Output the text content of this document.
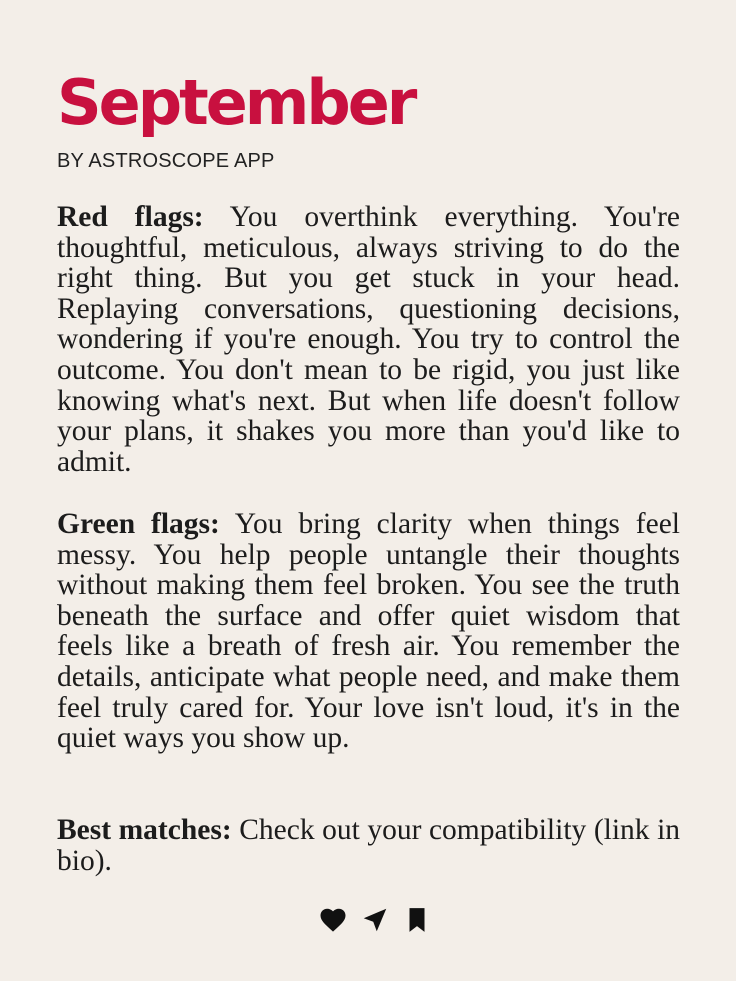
September
BY ASTROSCOPE APP

Red flags: You overthink everything. You're thoughtful, meticulous, always striving to do the right thing. But you get stuck in your head. Replaying conversations, questioning decisions, wondering if you're enough. You try to control the outcome. You don't mean to be rigid, you just like knowing what's next. But when life doesn't follow your plans, it shakes you more than you'd like to admit.

Green flags: You bring clarity when things feel messy. You help people untangle their thoughts without making them feel broken. You see the truth beneath the surface and offer quiet wisdom that feels like a breath of fresh air. You remember the details, anticipate what people need, and make them feel truly cared for. Your love isn't loud, it's in the quiet ways you show up.

Best matches: Check out your compatibility (link in bio).
